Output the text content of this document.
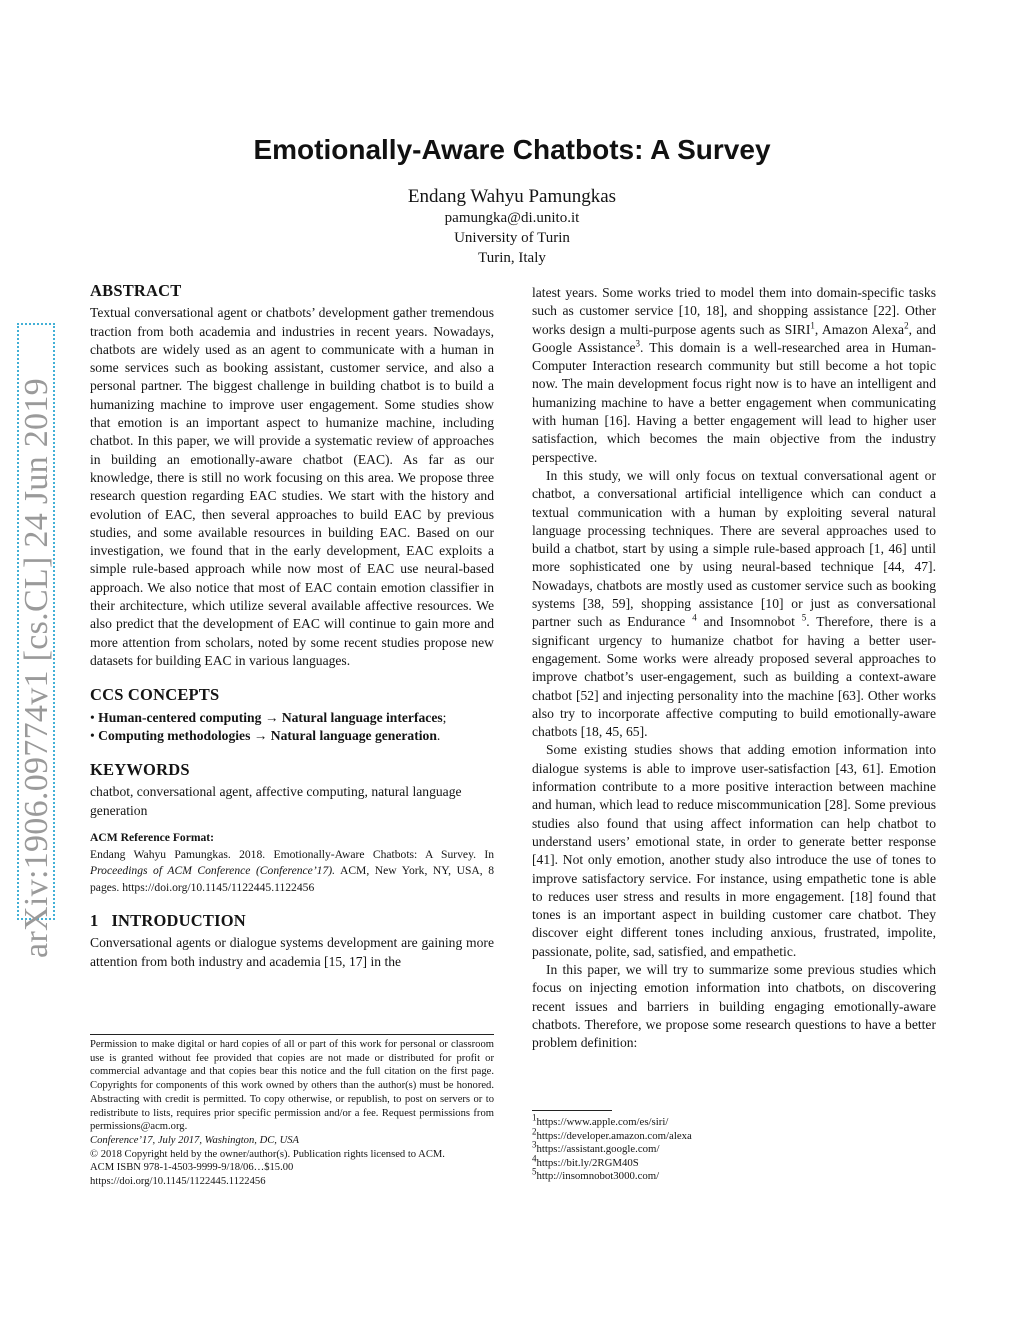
arXiv:1906.09774v1 [cs.CL] 24 Jun 2019
Emotionally-Aware Chatbots: A Survey
Endang Wahyu Pamungkas
pamungka@di.unito.it
University of Turin
Turin, Italy
ABSTRACT

Textual conversational agent or chatbots’ development gather tremendous traction from both academia and industries in recent years. Nowadays, chatbots are widely used as an agent to communicate with a human in some services such as booking assistant, customer service, and also a personal partner. The biggest challenge in building chatbot is to build a humanizing machine to improve user engagement. Some studies show that emotion is an important aspect to humanize machine, including chatbot. In this paper, we will provide a systematic review of approaches in building an emotionally-aware chatbot (EAC). As far as our knowledge, there is still no work focusing on this area. We propose three research question regarding EAC studies. We start with the history and evolution of EAC, then several approaches to build EAC by previous studies, and some available resources in building EAC. Based on our investigation, we found that in the early development, EAC exploits a simple rule-based approach while now most of EAC use neural-based approach. We also notice that most of EAC contain emotion classifier in their architecture, which utilize several available affective resources. We also predict that the development of EAC will continue to gain more and more attention from scholars, noted by some recent studies propose new datasets for building EAC in various languages.

CCS CONCEPTS
• Human-centered computing → Natural language interfaces;
• Computing methodologies → Natural language generation.
KEYWORDS

chatbot, conversational agent, affective computing, natural language generation

ACM Reference Format:
Endang Wahyu Pamungkas. 2018. Emotionally-Aware Chatbots: A Survey. In Proceedings of ACM Conference (Conference’17). ACM, New York, NY, USA, 8 pages. https://doi.org/10.1145/1122445.1122456
1 INTRODUCTION

Conversational agents or dialogue systems development are gaining more attention from both industry and academia [15, 17] in the

Permission to make digital or hard copies of all or part of this work for personal or classroom use is granted without fee provided that copies are not made or distributed for profit or commercial advantage and that copies bear this notice and the full citation on the first page. Copyrights for components of this work owned by others than the author(s) must be honored. Abstracting with credit is permitted. To copy otherwise, or republish, to post on servers or to redistribute to lists, requires prior specific permission and/or a fee. Request permissions from permissions@acm.org.
Conference’17, July 2017, Washington, DC, USA
© 2018 Copyright held by the owner/author(s). Publication rights licensed to ACM.
ACM ISBN 978-1-4503-9999-9/18/06…$15.00
https://doi.org/10.1145/1122445.1122456

latest years. Some works tried to model them into domain-specific tasks such as customer service [10, 18], and shopping assistance [22]. Other works design a multi-purpose agents such as SIRI$^1$, Amazon Alexa$^2$, and Google Assistance$^3$. This domain is a well-researched area in Human-Computer Interaction research community but still become a hot topic now. The main development focus right now is to have an intelligent and humanizing machine to have a better engagement when communicating with human [16]. Having a better engagement will lead to higher user satisfaction, which becomes the main objective from the industry perspective.

In this study, we will only focus on textual conversational agent or chatbot, a conversational artificial intelligence which can conduct a textual communication with a human by exploiting several natural language processing techniques. There are several approaches used to build a chatbot, start by using a simple rule-based approach [1, 46] until more sophisticated one by using neural-based technique [44, 47]. Nowadays, chatbots are mostly used as customer service such as booking systems [38, 59], shopping assistance [10] or just as conversational partner such as Endurance $^4$ and Insomnobot $^5$. Therefore, there is a significant urgency to humanize chatbot for having a better user-engagement. Some works were already proposed several approaches to improve chatbot’s user-engagement, such as building a context-aware chatbot [52] and injecting personality into the machine [63]. Other works also try to incorporate affective computing to build emotionally-aware chatbots [18, 45, 65].

Some existing studies shows that adding emotion information into dialogue systems is able to improve user-satisfaction [43, 61]. Emotion information contribute to a more positive interaction between machine and human, which lead to reduce miscommunication [28]. Some previous studies also found that using affect information can help chatbot to understand users’ emotional state, in order to generate better response [41]. Not only emotion, another study also introduce the use of tones to improve satisfactory service. For instance, using empathetic tone is able to reduces user stress and results in more engagement. [18] found that tones is an important aspect in building customer care chatbot. They discover eight different tones including anxious, frustrated, impolite, passionate, polite, sad, satisfied, and empathetic.

In this paper, we will try to summarize some previous studies which focus on injecting emotion information into chatbots, on discovering recent issues and barriers in building engaging emotionally-aware chatbots. Therefore, we propose some research questions to have a better problem definition:

$^1$https://www.apple.com/es/siri/
$^2$https://developer.amazon.com/alexa
$^3$https://assistant.google.com/
$^4$https://bit.ly/2RGM40S
$^5$http://insomnobot3000.com/
